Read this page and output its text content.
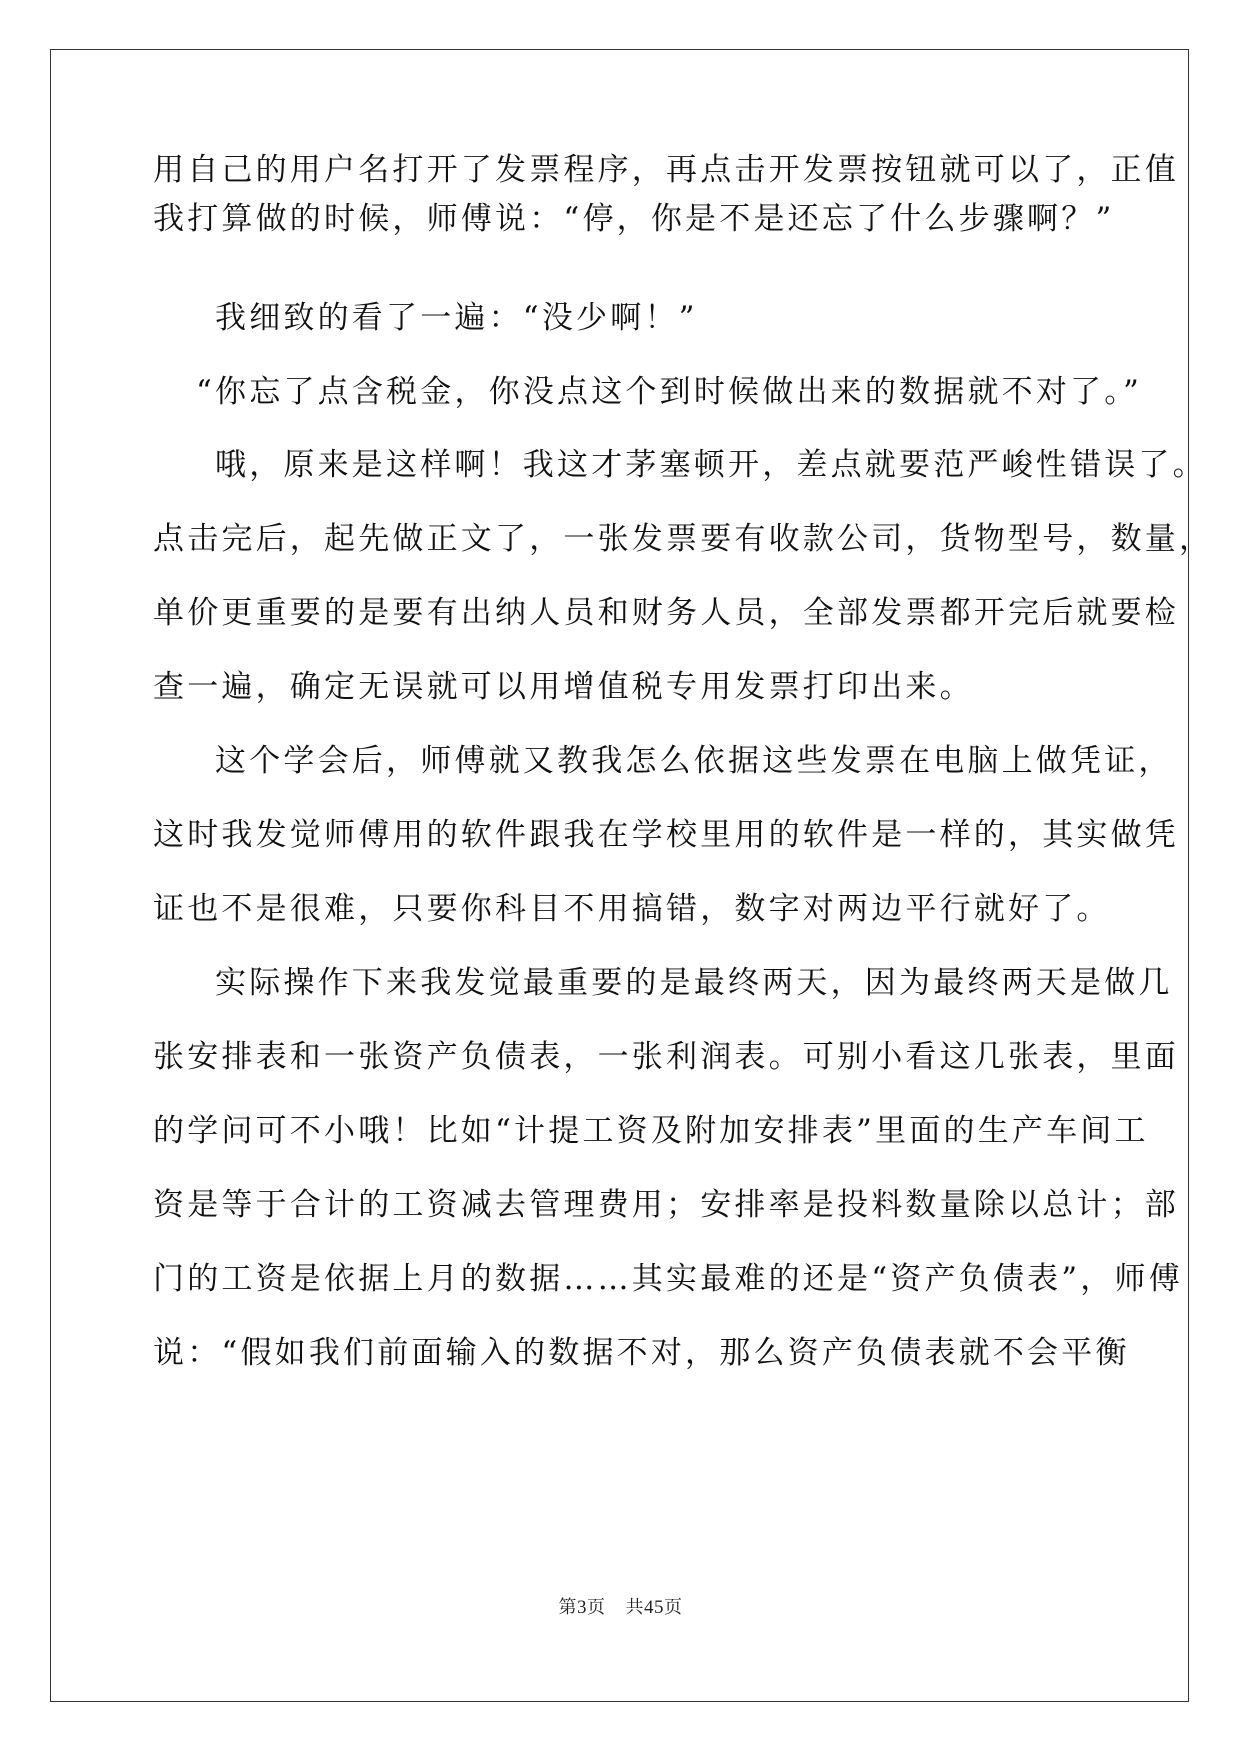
用自己的用户名打开了发票程序，再点击开发票按钮就可以了，正值
我打算做的时候，师傅说：“停，你是不是还忘了什么步骤啊？”
我细致的看了一遍：“没少啊！”
“你忘了点含税金，你没点这个到时候做出来的数据就不对了。”
哦，原来是这样啊！我这才茅塞顿开，差点就要范严峻性错误了。
点击完后，起先做正文了，一张发票要有收款公司，货物型号，数量，
单价更重要的是要有出纳人员和财务人员，全部发票都开完后就要检
查一遍，确定无误就可以用增值税专用发票打印出来。
这个学会后，师傅就又教我怎么依据这些发票在电脑上做凭证，
这时我发觉师傅用的软件跟我在学校里用的软件是一样的，其实做凭
证也不是很难，只要你科目不用搞错，数字对两边平行就好了。
实际操作下来我发觉最重要的是最终两天，因为最终两天是做几
张安排表和一张资产负债表，一张利润表。可别小看这几张表，里面
的学问可不小哦！比如“计提工资及附加安排表”里面的生产车间工
资是等于合计的工资减去管理费用；安排率是投料数量除以总计；部
门的工资是依据上月的数据……其实最难的还是“资产负债表”，师傅
说：“假如我们前面输入的数据不对，那么资产负债表就不会平衡
第3页 共45页
